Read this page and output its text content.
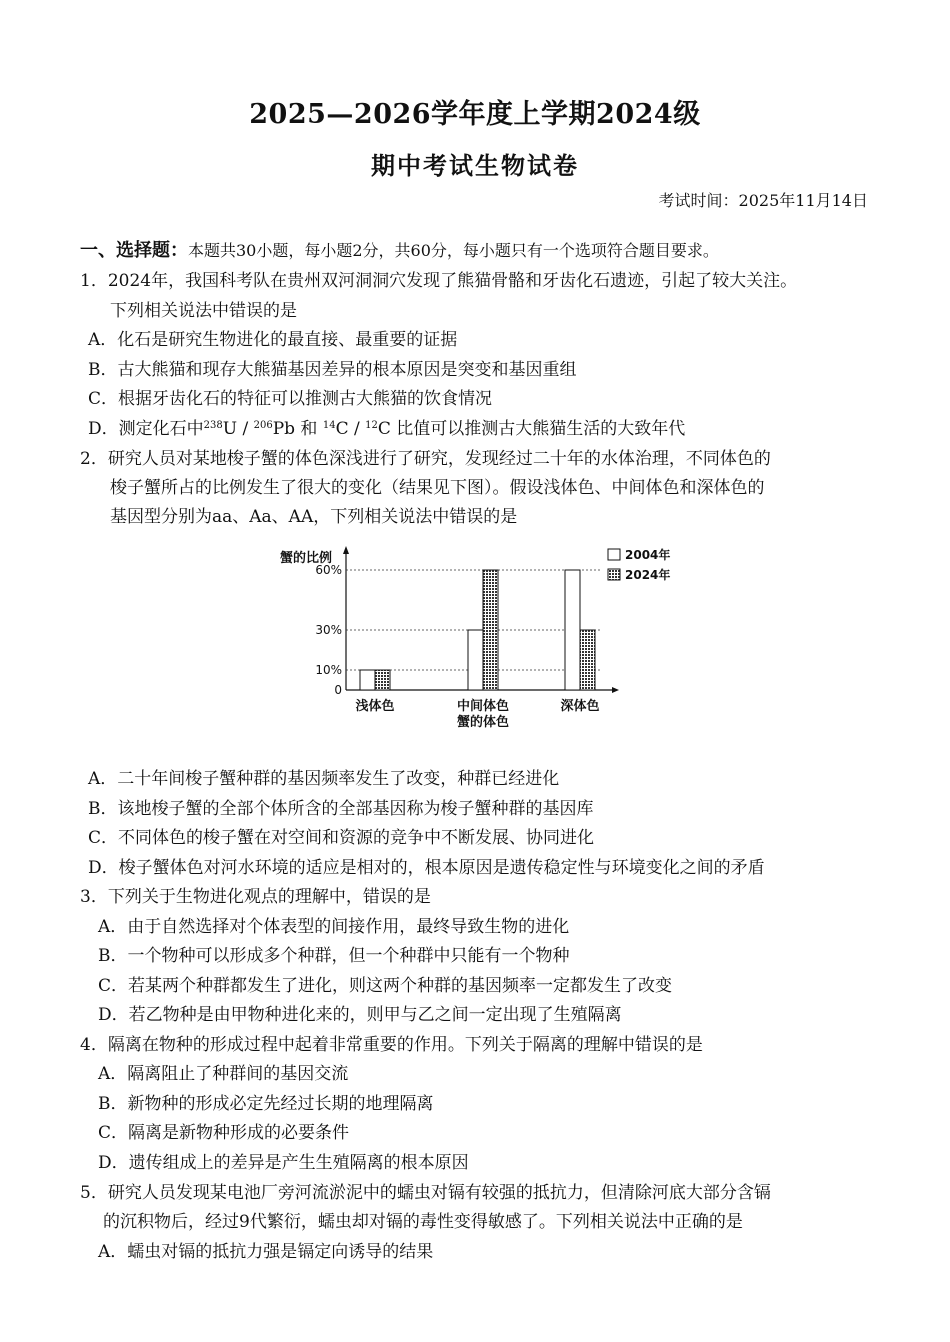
2025—2026学年度上学期2024级
期中考试生物试卷
考试时间：2025年11月14日
一、选择题：本题共30小题，每小题2分，共60分，每小题只有一个选项符合题目要求。
1．2024年，我国科考队在贵州双河洞洞穴发现了熊猫骨骼和牙齿化石遗迹，引起了较大关注。
下列相关说法中错误的是
A．化石是研究生物进化的最直接、最重要的证据
B．古大熊猫和现存大熊猫基因差异的根本原因是突变和基因重组
C．根据牙齿化石的特征可以推测古大熊猫的饮食情况
D．测定化石中$^{238}$U / $^{206}$Pb 和 $^{14}$C / $^{12}$C 比值可以推测古大熊猫生活的大致年代
2．研究人员对某地梭子蟹的体色深浅进行了研究，发现经过二十年的水体治理，不同体色的
梭子蟹所占的比例发生了很大的变化（结果见下图）。假设浅体色、中间体色和深体色的
基因型分别为aa、Aa、AA，下列相关说法中错误的是
蟹的比例
0
10%
30%
60%
浅体色	中间体色	深体色
蟹的体色
2004年
2024年
A．二十年间梭子蟹种群的基因频率发生了改变，种群已经进化
B．该地梭子蟹的全部个体所含的全部基因称为梭子蟹种群的基因库
C．不同体色的梭子蟹在对空间和资源的竞争中不断发展、协同进化
D．梭子蟹体色对河水环境的适应是相对的，根本原因是遗传稳定性与环境变化之间的矛盾
3．下列关于生物进化观点的理解中，错误的是
A．由于自然选择对个体表型的间接作用，最终导致生物的进化
B．一个物种可以形成多个种群，但一个种群中只能有一个物种
C．若某两个种群都发生了进化，则这两个种群的基因频率一定都发生了改变
D．若乙物种是由甲物种进化来的，则甲与乙之间一定出现了生殖隔离
4．隔离在物种的形成过程中起着非常重要的作用。下列关于隔离的理解中错误的是
A．隔离阻止了种群间的基因交流
B．新物种的形成必定先经过长期的地理隔离
C．隔离是新物种形成的必要条件
D．遗传组成上的差异是产生生殖隔离的根本原因
5．研究人员发现某电池厂旁河流淤泥中的蠕虫对镉有较强的抵抗力，但清除河底大部分含镉
的沉积物后，经过9代繁衍，蠕虫却对镉的毒性变得敏感了。下列相关说法中正确的是
A．蠕虫对镉的抵抗力强是镉定向诱导的结果
